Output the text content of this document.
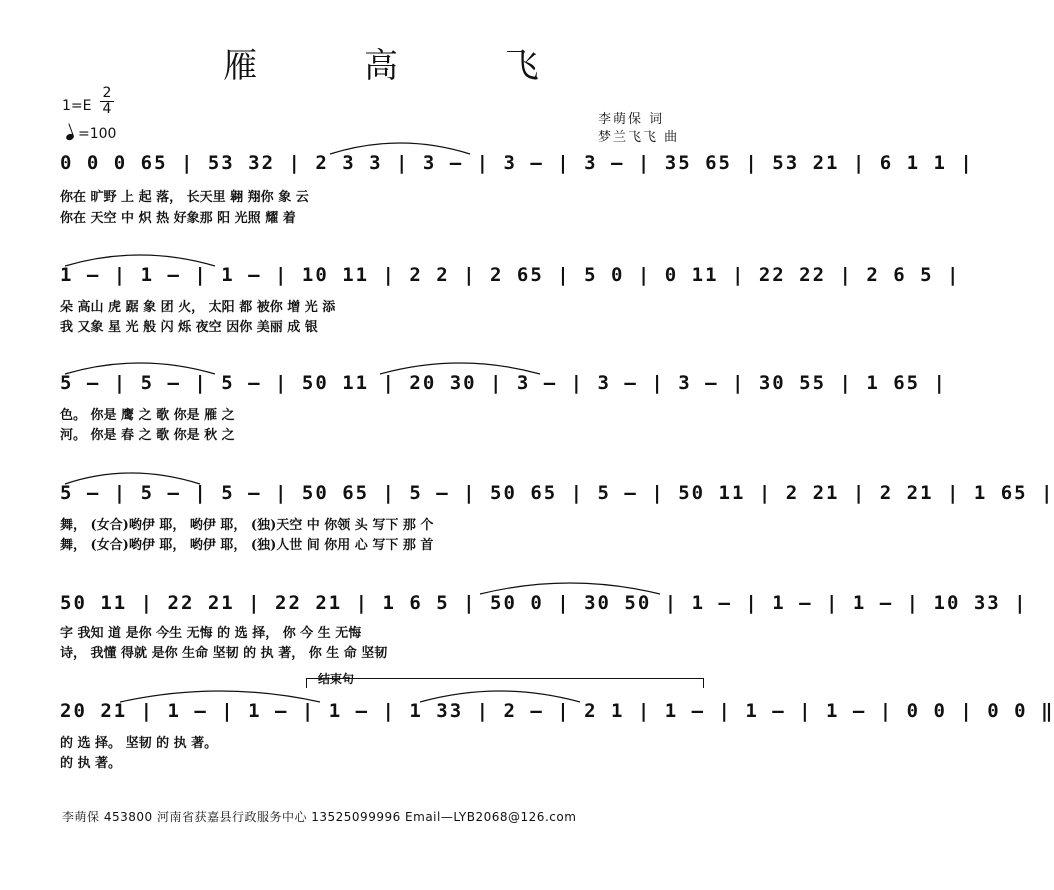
雁 高 飞
1=E
2
4
=100
李萌保 词
梦兰飞飞 曲
0 0 0 65 | 53 32 | 2 3 3 | 3 – | 3 – | 3 – | 35 65 | 53 21 | 6 1 1 |
你在 旷野 上 起 落， 长天里 翱 翔你 象 云
你在 天空 中 炽 热 好象那 阳 光照 耀 着
1 – | 1 – | 1 – | 10 11 | 2 2 | 2 65 | 5 0 | 0 11 | 22 22 | 2 6 5 |
朵 高山 虎 踞 象 团 火， 太阳 都 被你 增 光 添
我 又象 星 光 般 闪 烁 夜空 因你 美丽 成 银
5 – | 5 – | 5 – | 50 11 | 20 30 | 3 – | 3 – | 3 – | 30 55 | 1 65 |
色。 你是 鹰 之 歌 你是 雁 之
河。 你是 春 之 歌 你是 秋 之
5 – | 5 – | 5 – | 50 65 | 5 – | 50 65 | 5 – | 50 11 | 2 21 | 2 21 | 1 65 |
舞， (女合)哟伊 耶， 哟伊 耶， (独)天空 中 你领 头 写下 那 个
舞， (女合)哟伊 耶， 哟伊 耶， (独)人世 间 你用 心 写下 那 首
50 11 | 22 21 | 22 21 | 1 6 5 | 50 0 | 30 50 | 1 – | 1 – | 1 – | 10 33 |
字 我知 道 是你 今生 无悔 的 选 择， 你 今 生 无悔
诗， 我懂 得就 是你 生命 坚韧 的 执 著， 你 生 命 坚韧
结束句
20 21 | 1 – | 1 – | 1 – | 1 33 | 2 – | 2 1 | 1 – | 1 – | 1 – | 0 0 | 0 0 ‖
的 选 择。 坚韧 的 执 著。
的 执 著。
李萌保 453800 河南省获嘉县行政服务中心 13525099996 Email—LYB2068@126.com
